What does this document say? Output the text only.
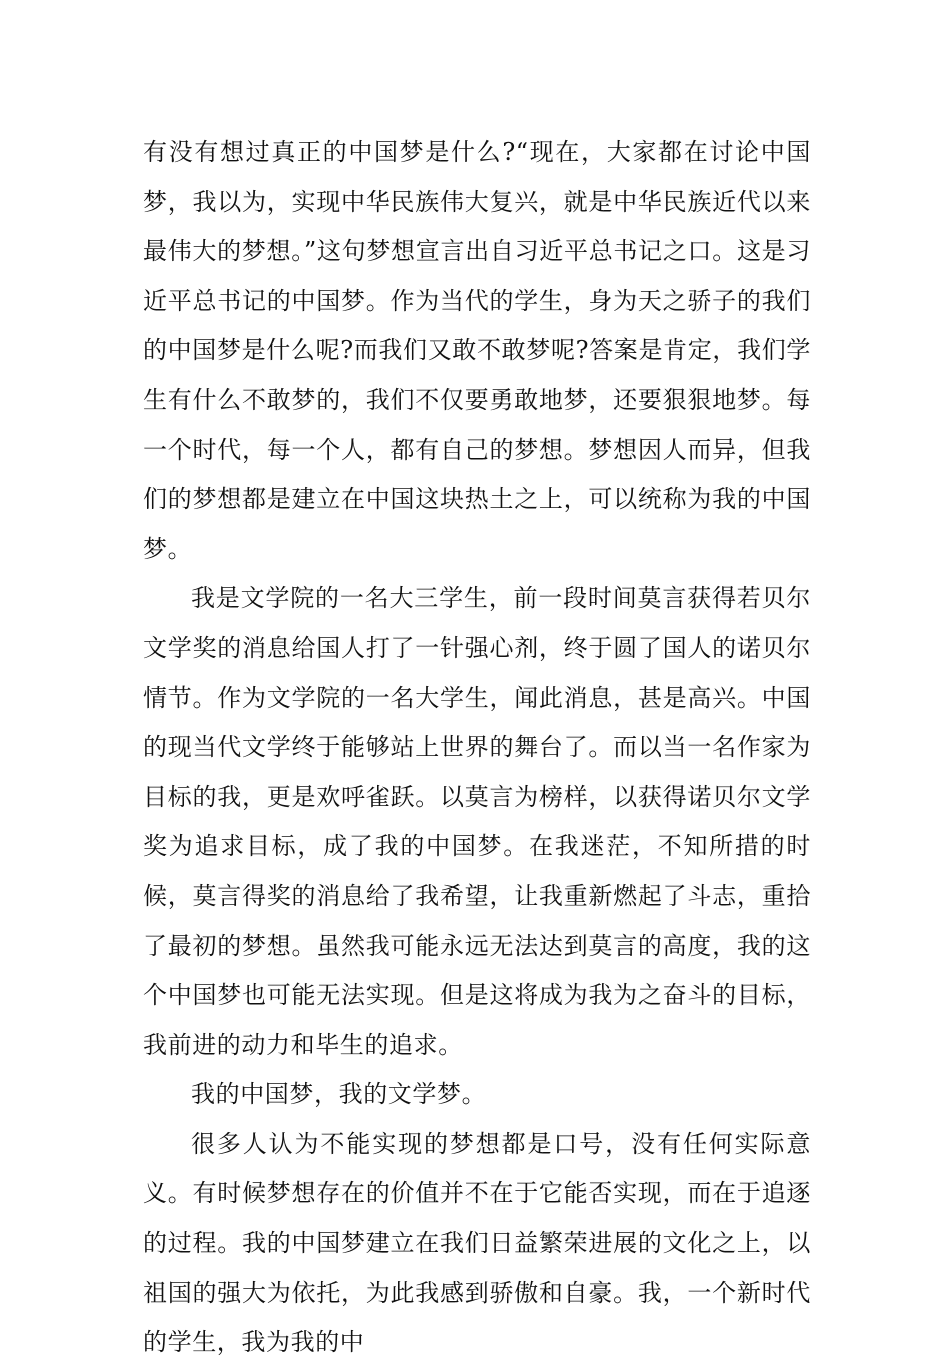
有没有想过真正的中国梦是什么?“现在，大家都在讨论中国梦，我以为，实现中华民族伟大复兴，就是中华民族近代以来最伟大的梦想。”这句梦想宣言出自习近平总书记之口。这是习近平总书记的中国梦。作为当代的学生，身为天之骄子的我们的中国梦是什么呢?而我们又敢不敢梦呢?答案是肯定，我们学生有什么不敢梦的，我们不仅要勇敢地梦，还要狠狠地梦。每一个时代，每一个人，都有自己的梦想。梦想因人而异，但我们的梦想都是建立在中国这块热土之上，可以统称为我的中国梦。

我是文学院的一名大三学生，前一段时间莫言获得若贝尔文学奖的消息给国人打了一针强心剂，终于圆了国人的诺贝尔情节。作为文学院的一名大学生，闻此消息，甚是高兴。中国的现当代文学终于能够站上世界的舞台了。而以当一名作家为目标的我，更是欢呼雀跃。以莫言为榜样，以获得诺贝尔文学奖为追求目标，成了我的中国梦。在我迷茫，不知所措的时候，莫言得奖的消息给了我希望，让我重新燃起了斗志，重拾了最初的梦想。虽然我可能永远无法达到莫言的高度，我的这个中国梦也可能无法实现。但是这将成为我为之奋斗的目标，我前进的动力和毕生的追求。

我的中国梦，我的文学梦。

很多人认为不能实现的梦想都是口号，没有任何实际意义。有时候梦想存在的价值并不在于它能否实现，而在于追逐的过程。我的中国梦建立在我们日益繁荣进展的文化之上，以祖国的强大为依托，为此我感到骄傲和自豪。我，一个新时代的学生，我为我的中
